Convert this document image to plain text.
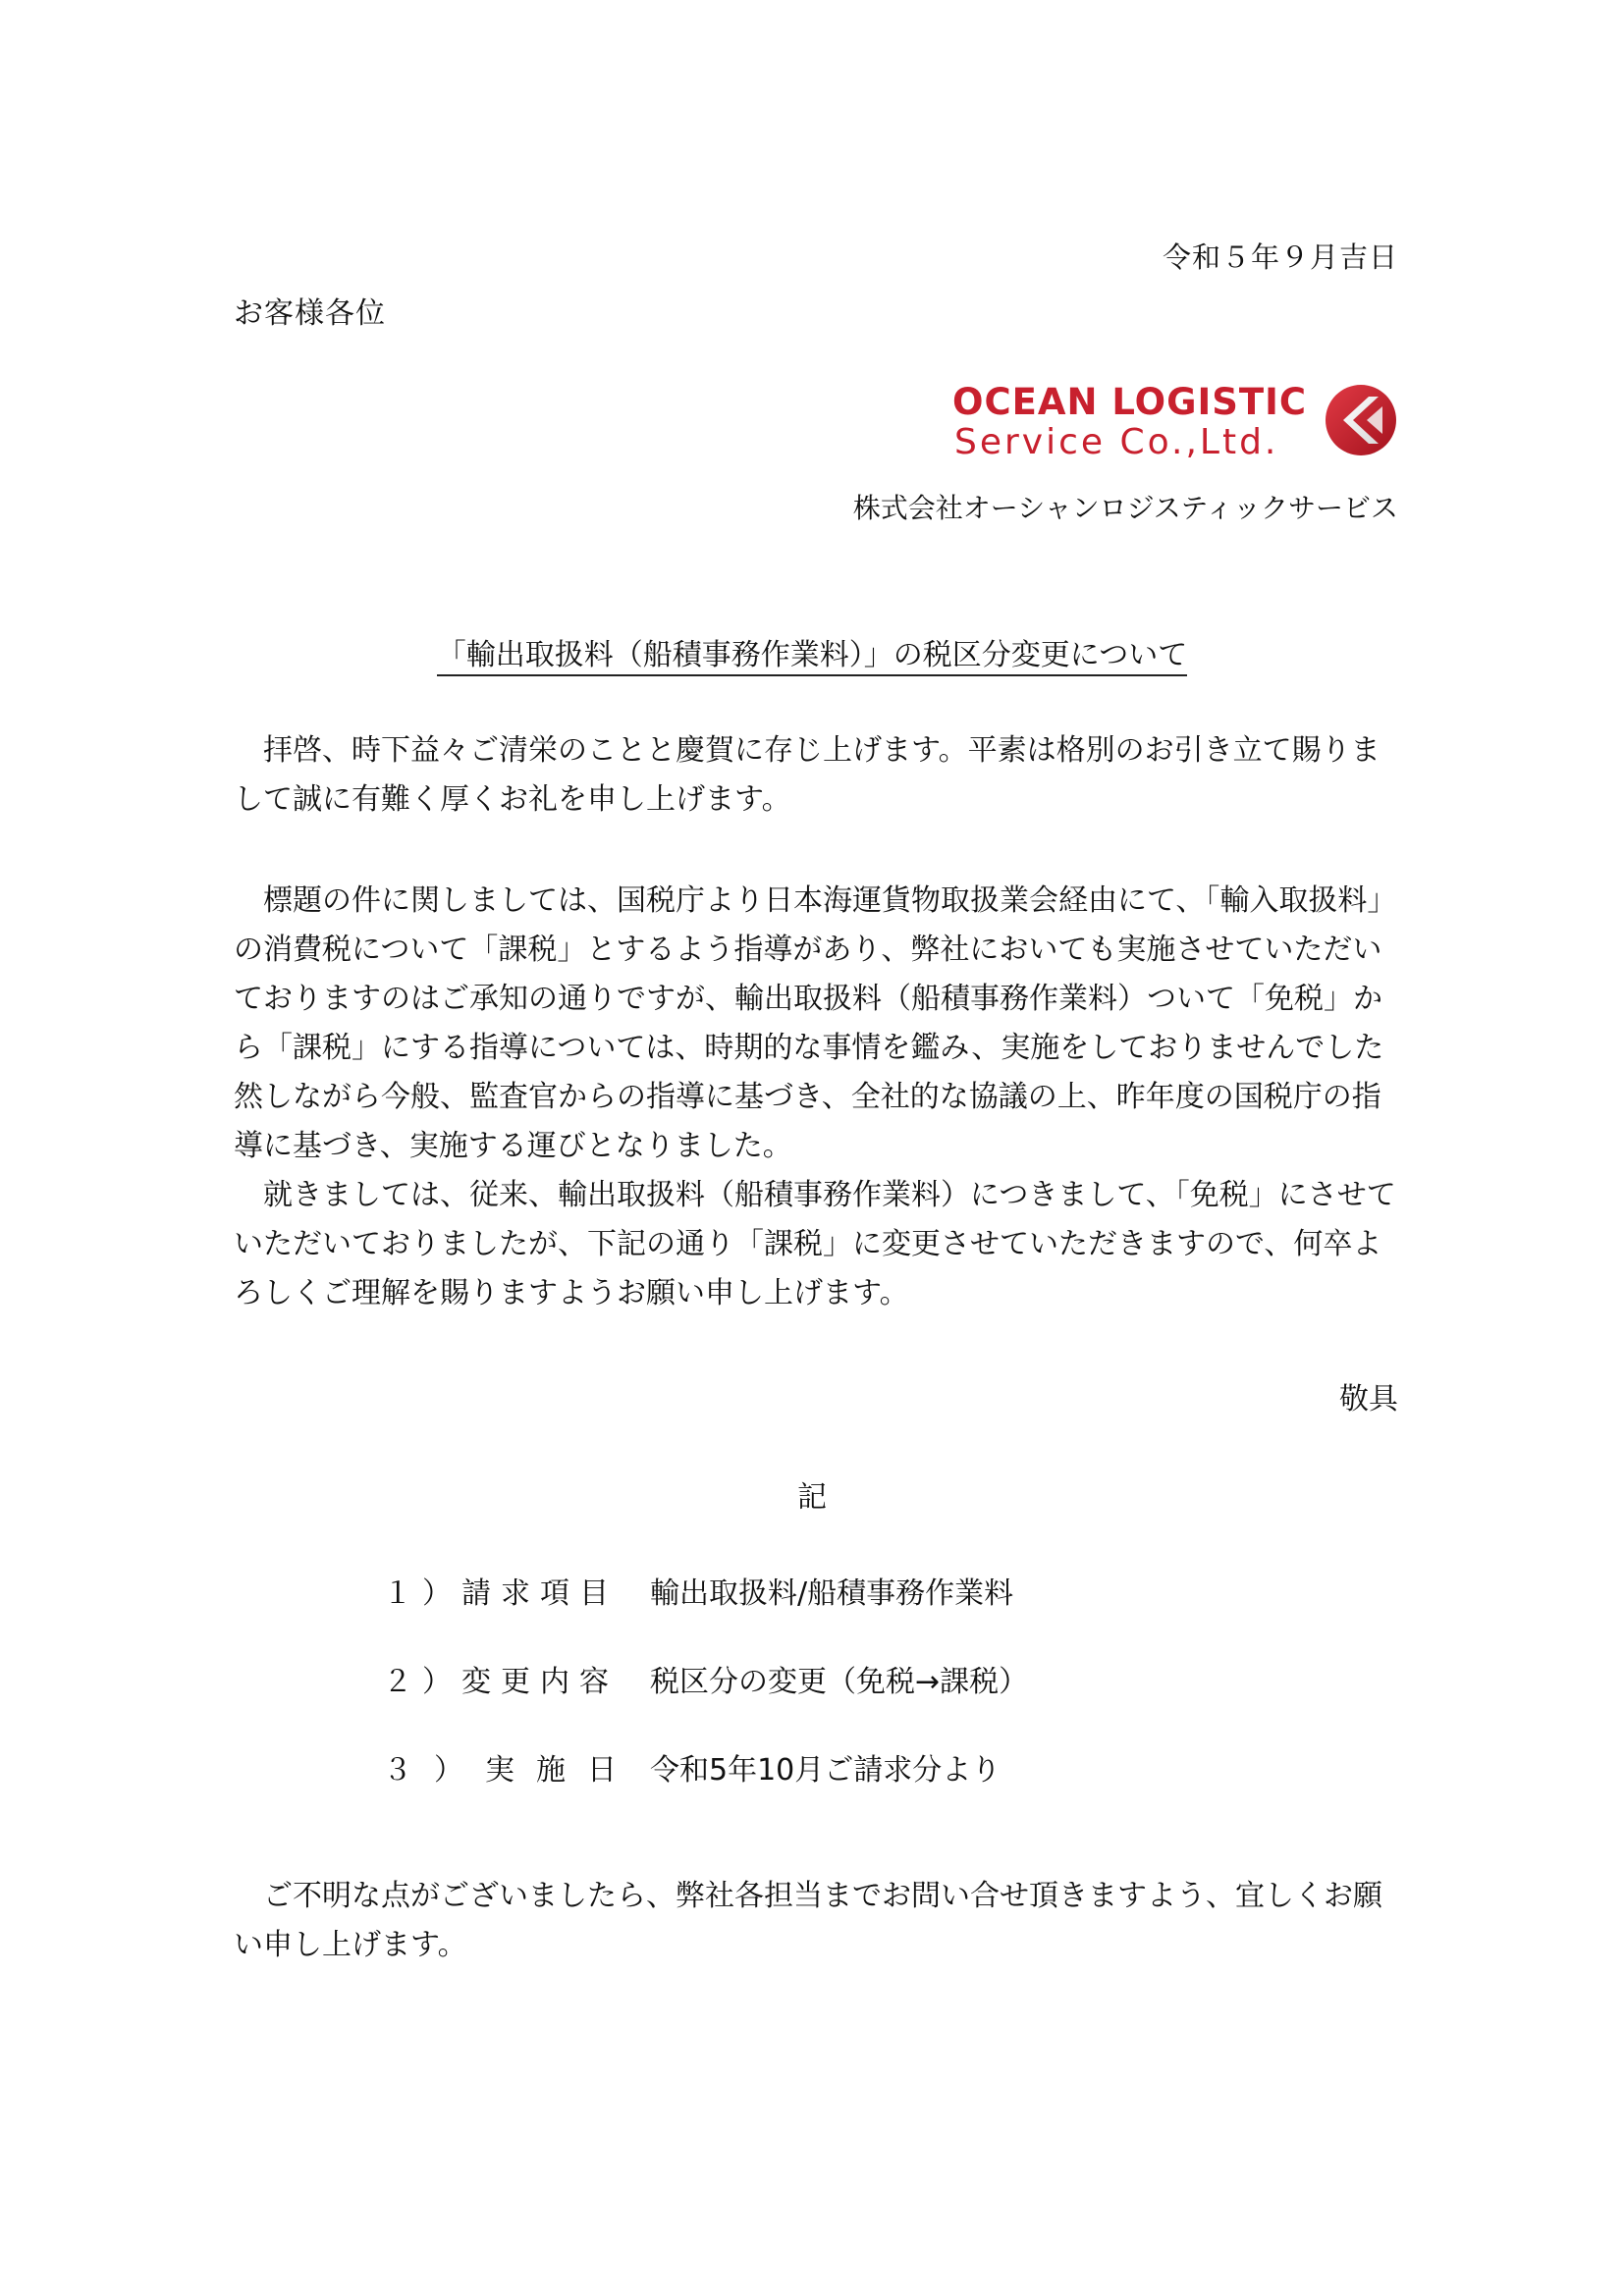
令和５年９月吉日
お客様各位
OCEAN LOGISTIC
Service Co.,Ltd.
株式会社オーシャンロジスティックサービス
「輸出取扱料（船積事務作業料）」の税区分変更について

　拝啓、時下益々ご清栄のことと慶賀に存じ上げます。平素は格別のお引き立て賜りまして誠に有難く厚くお礼を申し上げます。

　標題の件に関しましては、国税庁より日本海運貨物取扱業会経由にて、「輸入取扱料」の消費税について「課税」とするよう指導があり、弊社においても実施させていただいておりますのはご承知の通りですが、輸出取扱料（船積事務作業料）ついて「免税」から「課税」にする指導については、時期的な事情を鑑み、実施をしておりませんでした然しながら今般、監査官からの指導に基づき、全社的な協議の上、昨年度の国税庁の指導に基づき、実施する運びとなりました。

　就きましては、従来、輸出取扱料（船積事務作業料）につきまして、「免税」にさせていただいておりましたが、下記の通り「課税」に変更させていただきますので、何卒よろしくご理解を賜りますようお願い申し上げます。

敬具
記
１）請求項目 輸出取扱料/船積事務作業料
２）変更内容 税区分の変更（免税→課税）
３）実施日 令和5年10月ご請求分より

　ご不明な点がございましたら、弊社各担当までお問い合せ頂きますよう、宜しくお願い申し上げます。
